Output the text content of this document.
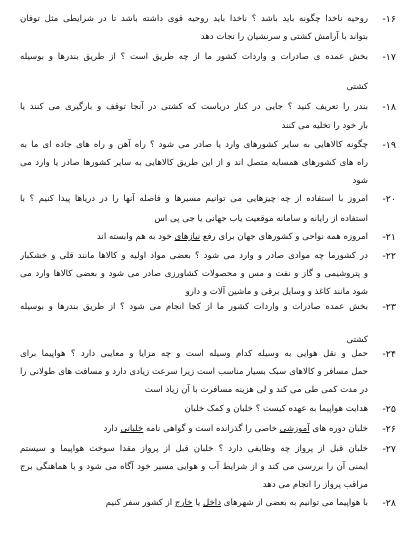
-۱۶
روحیه ناخدا چگونه باید باشد ؟ ناخدا باید روحیه قوی داشته باشد تا در شرایطی مثل توفان
بتواند با آرامش کشتی و سرنشیان را نجات دهد
-۱۷
بخش عمده ی صادرات و واردات کشور ما از چه طریق است ؟ از طریق بندرها و بوسیله
کشتی
-۱۸
بندر را تعریف کنید ؟ جایی در کنار دریاست که کشتی در آنجا توقف و بارگیری می کنند یا
بار خود را تخلیه می کنند
-۱۹
چگونه کالاهایی به سایر کشورهای وارد یا صادر می شود ؟ راه آهن و راه های جاده ای ما به
راه های کشورهای همسایه متصل اند و از این طریق کالاهایی به سایر کشورها صادر یا وارد می
شود
-۲۰
امروز با استفاده از چه چیزهایی می توانیم مسیرها و فاصله آنها را در دریاها پیدا کنیم ؟ با
استفاده از رایانه و سامانه موقعیت یاب جهانی یا جی پی اس
-۲۱
امروزه همه نواحی و کشورهای جهان برای رفع نیازهای خود به هم وابسته اند
-۲۲
در کشورما چه موادی صادر و وارد می شود ؟ بعضی مواد اولیه و کالاها مانند قلی و خشکبار
و پتروشیمی و گاز و نفت و مس و محصولات کشاورزی صادر می شود و بعضی کالاها وارد می
شود مانند کاغذ و وسایل برقی و ماشین آلات و دارو
-۲۳
بخش عمده صادرات و واردات کشور ما از کجا انجام می شود ؟ از طریق بندرها و بوسیله
کشتی
-۲۴
حمل و نقل هوایی به وسیله کدام وسیله است و چه مزایا و معایبی دارد ؟ هواپیما برای
حمل مسافر و کالاهای سبک بسیار مناسب است زیرا سرعت زیادی دارد و مسافت های طولانی را
در مدت کمی طی می کند و لی هزینه مسافرت با آن زیاد است
-۲۵
هدایت هواپیما به عهده کیست ؟ خلبان و کمک خلبان
-۲۶
خلبان دوره های آموزشی خاصی را گذرانده است و گواهی نامه خلبانی دارد
-۲۷
خلبان قبل از پرواز چه وظایفی دارد ؟ خلبان قبل از پرواز مقدا سوخت هواپیما و سیستم
ایمنی آن را بررسی می کند و از شرایط آب و هوایی مسیر خود آگاه می شود و با هماهنگی برج
مراقب پرواز را انجام می دهد
-۲۸
با هواپیما می توانیم به بعضی از شهرهای داخل یا خارج از کشور سفر کنیم
